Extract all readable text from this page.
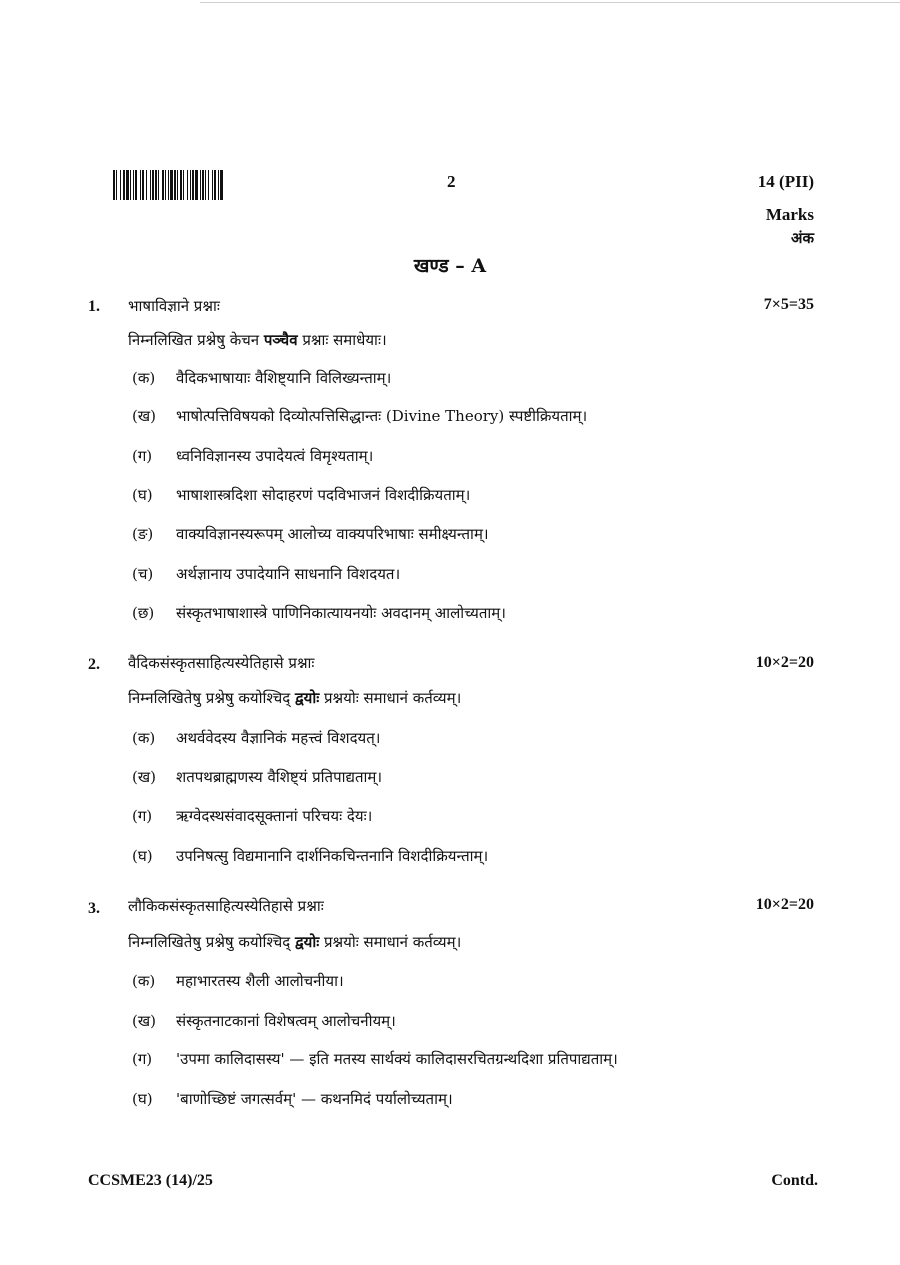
2	14 (PII)
Marks
अंक
खण्ड – A
1. भाषाविज्ञाने प्रश्नाः	7×5=35
निम्नलिखित प्रश्नेषु केचन पञ्चैव प्रश्नाः समाधेयाः।
(क) वैदिकभाषायाः वैशिष्ट्यानि विलिख्यन्ताम्।
(ख) भाषोत्पत्तिविषयको दिव्योत्पत्तिसिद्धान्तः (Divine Theory) स्पष्टीक्रियताम्।
(ग) ध्वनिविज्ञानस्य उपादेयत्वं विमृश्यताम्।
(घ) भाषाशास्त्रदिशा सोदाहरणं पदविभाजनं विशदीक्रियताम्।
(ङ) वाक्यविज्ञानस्यरूपम् आलोच्य वाक्यपरिभाषाः समीक्ष्यन्ताम्।
(च) अर्थज्ञानाय उपादेयानि साधनानि विशदयत।
(छ) संस्कृतभाषाशास्त्रे पाणिनिकात्यायनयोः अवदानम् आलोच्यताम्।
2. वैदिकसंस्कृतसाहित्यस्येतिहासे प्रश्नाः	10×2=20
निम्नलिखितेषु प्रश्नेषु कयोश्चिद् द्वयोः प्रश्नयोः समाधानं कर्तव्यम्।
(क) अथर्ववेदस्य वैज्ञानिकं महत्त्वं विशदयत्।
(ख) शतपथब्राह्मणस्य वैशिष्ट्यं प्रतिपाद्यताम्।
(ग) ऋग्वेदस्थसंवादसूक्तानां परिचयः देयः।
(घ) उपनिषत्सु विद्यमानानि दार्शनिकचिन्तनानि विशदीक्रियन्ताम्।
3. लौकिकसंस्कृतसाहित्यस्येतिहासे प्रश्नाः	10×2=20
निम्नलिखितेषु प्रश्नेषु कयोश्चिद् द्वयोः प्रश्नयोः समाधानं कर्तव्यम्।
(क) महाभारतस्य शैली आलोचनीया।
(ख) संस्कृतनाटकानां विशेषत्वम् आलोचनीयम्।
(ग) 'उपमा कालिदासस्य' — इति मतस्य सार्थक्यं कालिदासरचितग्रन्थदिशा प्रतिपाद्यताम्।
(घ) 'बाणोच्छिष्टं जगत्सर्वम्' — कथनमिदं पर्यालोच्यताम्।
CCSME23 (14)/25	Contd.
